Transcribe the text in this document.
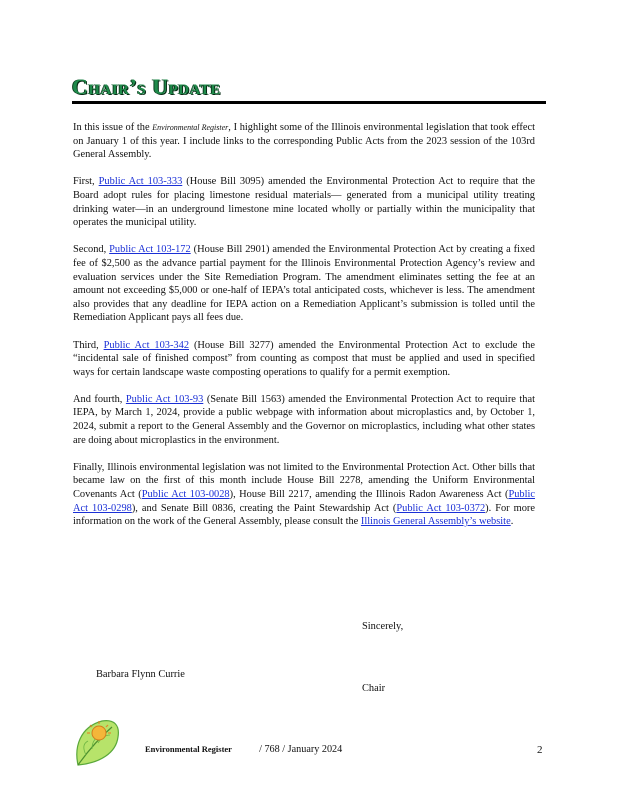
Chair’s Update

In this issue of the Environmental Register, I highlight some of the Illinois environmental legislation that took effect on January 1 of this year. I include links to the corresponding Public Acts from the 2023 session of the 103rd General Assembly.

First, Public Act 103-333 (House Bill 3095) amended the Environmental Protection Act to require that the Board adopt rules for placing limestone residual materials— generated from a municipal utility treating drinking water—in an underground limestone mine located wholly or partially within the municipality that operates the municipal utility.

Second, Public Act 103-172 (House Bill 2901) amended the Environmental Protection Act by creating a fixed fee of $2,500 as the advance partial payment for the Illinois Environmental Protection Agency’s review and evaluation services under the Site Remediation Program. The amendment eliminates setting the fee at an amount not exceeding $5,000 or one-half of IEPA’s total anticipated costs, whichever is less. The amendment also provides that any deadline for IEPA action on a Remediation Applicant’s submission is tolled until the Remediation Applicant pays all fees due.

Third, Public Act 103-342 (House Bill 3277) amended the Environmental Protection Act to exclude the “incidental sale of finished compost” from counting as compost that must be applied and used in specified ways for certain landscape waste composting operations to qualify for a permit exemption.

And fourth, Public Act 103-93 (Senate Bill 1563) amended the Environmental Protection Act to require that IEPA, by March 1, 2024, provide a public webpage with information about microplastics and, by October 1, 2024, submit a report to the General Assembly and the Governor on microplastics, including what other states are doing about microplastics in the environment.

Finally, Illinois environmental legislation was not limited to the Environmental Protection Act. Other bills that became law on the first of this month include House Bill 2278, amending the Uniform Environmental Covenants Act (Public Act 103-0028), House Bill 2217, amending the Illinois Radon Awareness Act (Public Act 103-0298), and Senate Bill 0836, creating the Paint Stewardship Act (Public Act 103-0372). For more information on the work of the General Assembly, please consult the Illinois General Assembly’s website.

Sincerely,
Barbara Flynn Currie
Chair
Environmental Register	/ 768 / January 2024	2
